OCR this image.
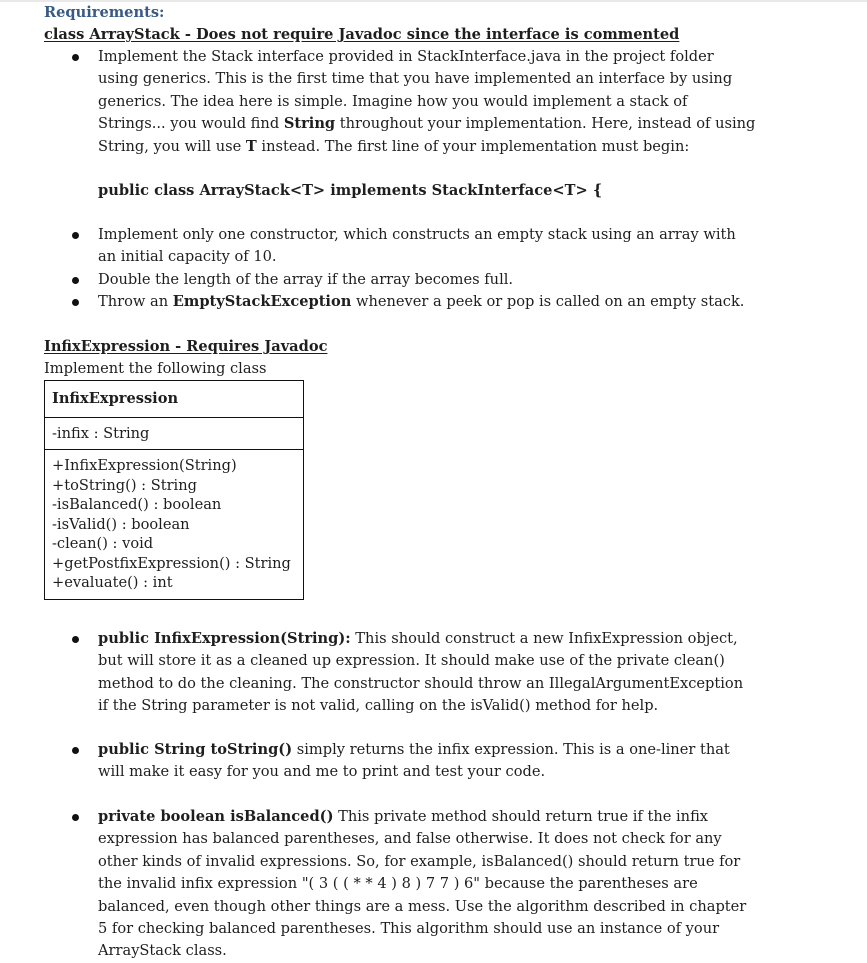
Requirements:
class ArrayStack - Does not require Javadoc since the interface is commented
Implement the Stack interface provided in StackInterface.java in the project folder using generics. This is the first time that you have implemented an interface by using generics. The idea here is simple. Imagine how you would implement a stack of Strings... you would find String throughout your implementation. Here, instead of using String, you will use T instead. The first line of your implementation must begin:
public class ArrayStack<T> implements StackInterface<T> {
Implement only one constructor, which constructs an empty stack using an array with an initial capacity of 10.
Double the length of the array if the array becomes full.
Throw an EmptyStackException whenever a peek or pop is called on an empty stack.
InfixExpression - Requires Javadoc
Implement the following class
InfixExpression
-infix : String

+InfixExpression(String)
+toString() : String
-isBalanced() : boolean
-isValid() : boolean
-clean() : void
+getPostfixExpression() : String
+evaluate() : int
public InfixExpression(String): This should construct a new InfixExpression object, but will store it as a cleaned up expression. It should make use of the private clean() method to do the cleaning. The constructor should throw an IllegalArgumentException if the String parameter is not valid, calling on the isValid() method for help.
public String toString() simply returns the infix expression. This is a one-liner that will make it easy for you and me to print and test your code.
private boolean isBalanced() This private method should return true if the infix expression has balanced parentheses, and false otherwise. It does not check for any other kinds of invalid expressions. So, for example, isBalanced() should return true for the invalid infix expression "( 3 ( ( * * 4 ) 8 ) 7 7 ) 6" because the parentheses are balanced, even though other things are a mess. Use the algorithm described in chapter 5 for checking balanced parentheses. This algorithm should use an instance of your ArrayStack class.
